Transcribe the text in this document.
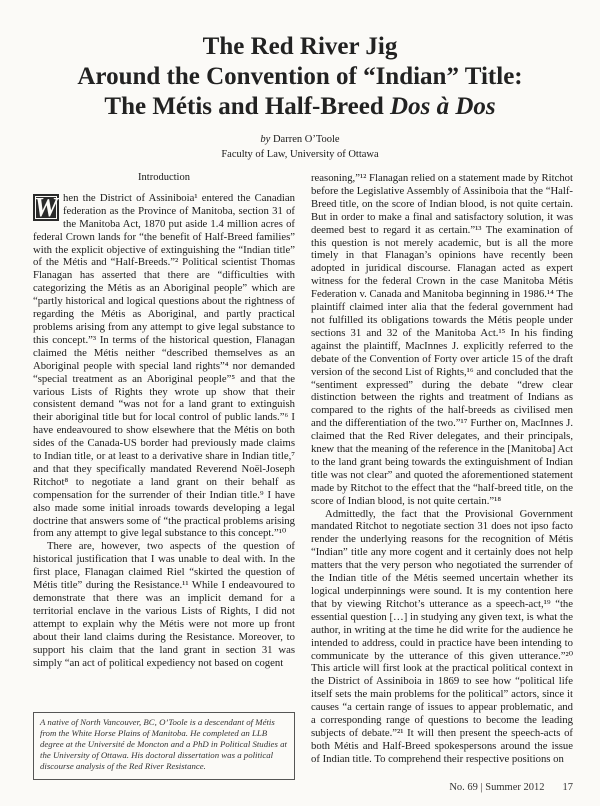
The Red River Jig
Around the Convention of “Indian” Title:
The Métis and Half-Breed Dos à Dos
by Darren O’Toole
Faculty of Law, University of Ottawa
Introduction

W hen the District of Assiniboia¹ entered the Canadian federation as the Province of Manitoba, section 31 of the Manitoba Act, 1870 put aside 1.4 million acres of federal Crown lands for “the benefit of Half-Breed families” with the explicit objective of extinguishing the “Indian title” of the Métis and “Half-Breeds.”² Political scientist Thomas Flanagan has asserted that there are “difficulties with categorizing the Métis as an Aboriginal people” which are “partly historical and logical questions about the rightness of regarding the Métis as Aboriginal, and partly practical problems arising from any attempt to give legal substance to this concept.”³ In terms of the historical question, Flanagan claimed the Métis neither “described themselves as an Aboriginal people with special land rights”⁴ nor demanded “special treatment as an Aboriginal people”⁵ and that the various Lists of Rights they wrote up show that their consistent demand “was not for a land grant to extinguish their aboriginal title but for local control of public lands.”⁶ I have endeavoured to show elsewhere that the Métis on both sides of the Canada-US border had previously made claims to Indian title, or at least to a derivative share in Indian title,⁷ and that they specifically mandated Reverend Noël-Joseph Ritchot⁸ to negotiate a land grant on their behalf as compensation for the surrender of their Indian title.⁹ I have also made some initial inroads towards developing a legal doctrine that answers some of “the practical problems arising from any attempt to give legal substance to this concept.”¹⁰

There are, however, two aspects of the question of historical justification that I was unable to deal with. In the first place, Flanagan claimed Riel “skirted the question of Métis title” during the Resistance.¹¹ While I endeavoured to demonstrate that there was an implicit demand for a territorial enclave in the various Lists of Rights, I did not attempt to explain why the Métis were not more up front about their land claims during the Resistance. Moreover, to support his claim that the land grant in section 31 was simply “an act of political expediency not based on cogent

reasoning,”¹² Flanagan relied on a statement made by Ritchot before the Legislative Assembly of Assiniboia that the “Half-Breed title, on the score of Indian blood, is not quite certain. But in order to make a final and satisfactory solution, it was deemed best to regard it as certain.”¹³ The examination of this question is not merely academic, but is all the more timely in that Flanagan’s opinions have recently been adopted in juridical discourse. Flanagan acted as expert witness for the federal Crown in the case Manitoba Métis Federation v. Canada and Manitoba beginning in 1986.¹⁴ The plaintiff claimed inter alia that the federal government had not fulfilled its obligations towards the Métis people under sections 31 and 32 of the Manitoba Act.¹⁵ In his finding against the plaintiff, MacInnes J. explicitly referred to the debate of the Convention of Forty over article 15 of the draft version of the second List of Rights,¹⁶ and concluded that the “sentiment expressed” during the debate “drew clear distinction between the rights and treatment of Indians as compared to the rights of the half-breeds as civilised men and the differentiation of the two.”¹⁷ Further on, MacInnes J. claimed that the Red River delegates, and their principals, knew that the meaning of the reference in the [Manitoba] Act to the land grant being towards the extinguishment of Indian title was not clear” and quoted the aforementioned statement made by Ritchot to the effect that the “half-breed title, on the score of Indian blood, is not quite certain.”¹⁸

Admittedly, the fact that the Provisional Government mandated Ritchot to negotiate section 31 does not ipso facto render the underlying reasons for the recognition of Métis “Indian” title any more cogent and it certainly does not help matters that the very person who negotiated the surrender of the Indian title of the Métis seemed uncertain whether its logical underpinnings were sound. It is my contention here that by viewing Ritchot’s utterance as a speech-act,¹⁹ “the essential question […] in studying any given text, is what the author, in writing at the time he did write for the audience he intended to address, could in practice have been intending to communicate by the utterance of this given utterance.”²⁰ This article will first look at the practical political context in the District of Assiniboia in 1869 to see how “political life itself sets the main problems for the political” actors, since it causes “a certain range of issues to appear problematic, and a corresponding range of questions to become the leading subjects of debate.”²¹ It will then present the speech-acts of both Métis and Half-Breed spokespersons around the issue of Indian title. To comprehend their respective positions on

A native of North Vancouver, BC, O’Toole is a descendant of Métis from the White Horse Plains of Manitoba. He completed an LLB degree at the Université de Moncton and a PhD in Political Studies at the University of Ottawa. His doctoral dissertation was a political discourse analysis of the Red River Resistance.
No. 69 | Summer 2012 17
